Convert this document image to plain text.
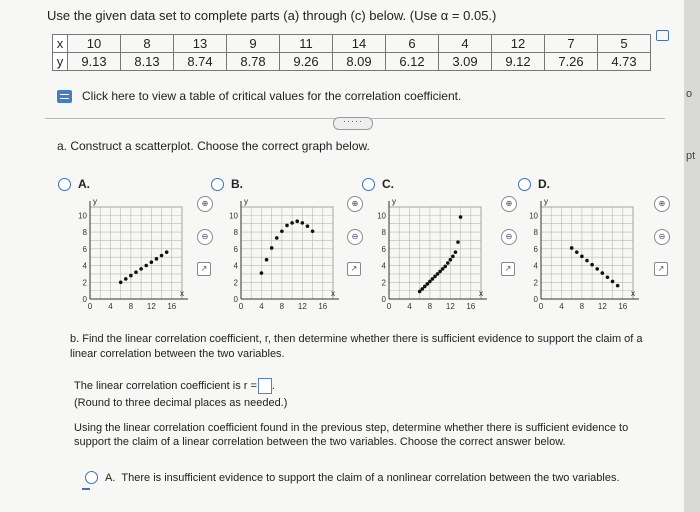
Use the given data set to complete parts (a) through (c) below. (Use α = 0.05.)
x	10	8	13	9	11	14	6	4	12	7	5
y	9.13	8.13	8.74	8.78	9.26	8.09	6.12	3.09	9.12	7.26	4.73
Click here to view a table of critical values for the correlation coefficient.
·····
a. Construct a scatterplot. Choose the correct graph below.
A.	B.	C.	D.
y
x
0 4 8 12 16
10
8
6
4
2
0
y
x
0 4 8 12 16
10
8
6
4
2
0
y
x
0 4 8 12 16
10
8
6
4
2
0
y
x
0 4 8 12 16
10
8
6
4
2
0
⊕
⊖
↗
⊕
⊖
↗
⊕
⊖
↗
⊕
⊖
↗
b. Find the linear correlation coefficient, r, then determine whether there is sufficient evidence to support the claim of a linear correlation between the two variables.
The linear correlation coefficient is r = .
(Round to three decimal places as needed.)
Using the linear correlation coefficient found in the previous step, determine whether there is sufficient evidence to support the claim of a linear correlation between the two variables. Choose the correct answer below.
A. There is insufficient evidence to support the claim of a nonlinear correlation between the two variables.
o
pt
